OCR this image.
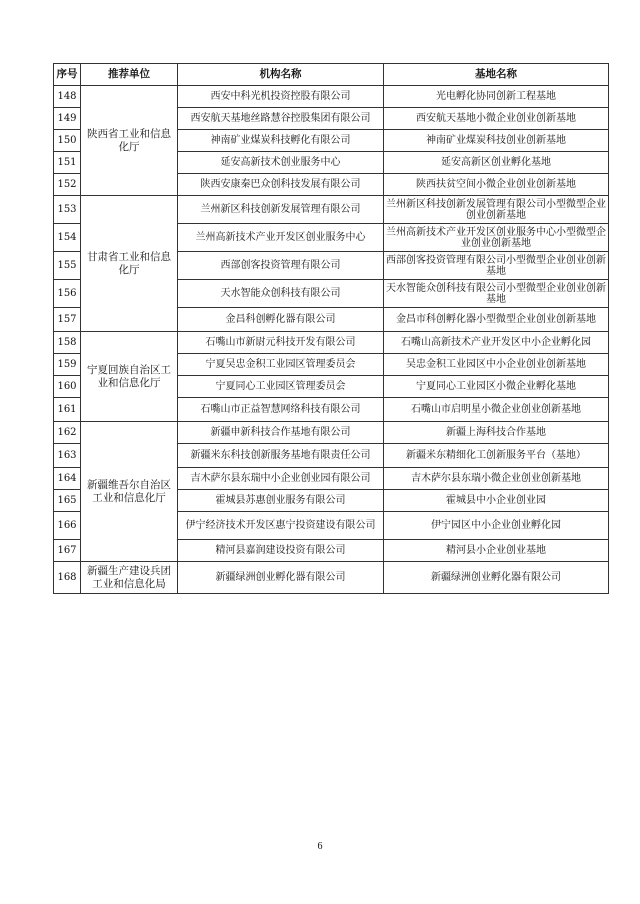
序号	推荐单位	机构名称	基地名称
148	陕西省工业和信息化厅	西安中科光机投资控股有限公司	光电孵化协同创新工程基地
149		西安航天基地丝路慧谷控股集团有限公司	西安航天基地小微企业创业创新基地
150		神南矿业煤炭科技孵化有限公司	神南矿业煤炭科技创业创新基地
151		延安高新技术创业服务中心	延安高新区创业孵化基地
152		陕西安康秦巴众创科技发展有限公司	陕西扶贫空间小微企业创业创新基地
153	甘肃省工业和信息化厅	兰州新区科技创新发展管理有限公司	兰州新区科技创新发展管理有限公司小型微型企业创业创新基地
154		兰州高新技术产业开发区创业服务中心	兰州高新技术产业开发区创业服务中心小型微型企业创业创新基地
155		西部创客投资管理有限公司	西部创客投资管理有限公司小型微型企业创业创新基地
156		天水智能众创科技有限公司	天水智能众创科技有限公司小型微型企业创业创新基地
157		金昌科创孵化器有限公司	金昌市科创孵化器小型微型企业创业创新基地
158	宁夏回族自治区工业和信息化厅	石嘴山市新尉元科技开发有限公司	石嘴山高新技术产业开发区中小企业孵化园
159		宁夏吴忠金积工业园区管理委员会	吴忠金积工业园区中小企业创业创新基地
160		宁夏同心工业园区管理委员会	宁夏同心工业园区小微企业孵化基地
161		石嘴山市正益智慧网络科技有限公司	石嘴山市启明星小微企业创业创新基地
162	新疆维吾尔自治区工业和信息化厅	新疆申新科技合作基地有限公司	新疆上海科技合作基地
163		新疆米东科技创新服务基地有限责任公司	新疆米东精细化工创新服务平台（基地）
164		吉木萨尔县东瑞中小企业创业园有限公司	吉木萨尔县东瑞小微企业创业创新基地
165		霍城县苏惠创业服务有限公司	霍城县中小企业创业园
166		伊宁经济技术开发区惠宁投资建设有限公司	伊宁园区中小企业创业孵化园
167		精河县嘉润建设投资有限公司	精河县小企业创业基地
168	新疆生产建设兵团工业和信息化局	新疆绿洲创业孵化器有限公司	新疆绿洲创业孵化器有限公司
6
